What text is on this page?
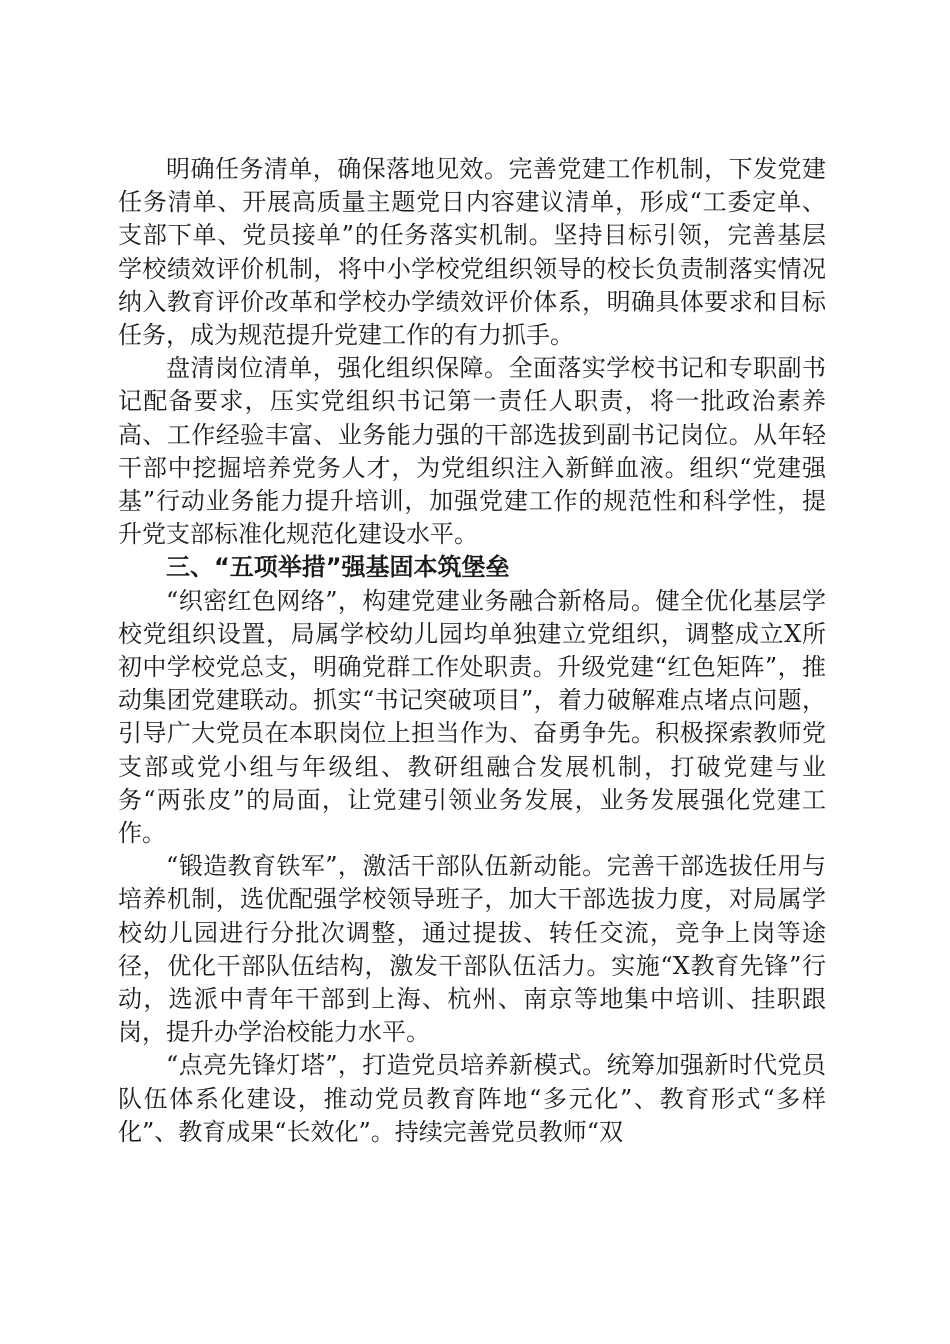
明确任务清单，确保落地见效。完善党建工作机制，下发党建任务清单、开展高质量主题党日内容建议清单，形成“工委定单、支部下单、党员接单”的任务落实机制。坚持目标引领，完善基层学校绩效评价机制，将中小学校党组织领导的校长负责制落实情况纳入教育评价改革和学校办学绩效评价体系，明确具体要求和目标任务，成为规范提升党建工作的有力抓手。

盘清岗位清单，强化组织保障。全面落实学校书记和专职副书记配备要求，压实党组织书记第一责任人职责，将一批政治素养高、工作经验丰富、业务能力强的干部选拔到副书记岗位。从年轻干部中挖掘培养党务人才，为党组织注入新鲜血液。组织“党建强基”行动业务能力提升培训，加强党建工作的规范性和科学性，提升党支部标准化规范化建设水平。

三、“五项举措”强基固本筑堡垒

“织密红色网络”，构建党建业务融合新格局。健全优化基层学校党组织设置，局属学校幼儿园均单独建立党组织，调整成立X所初中学校党总支，明确党群工作处职责。升级党建“红色矩阵”，推动集团党建联动。抓实“书记突破项目”，着力破解难点堵点问题，引导广大党员在本职岗位上担当作为、奋勇争先。积极探索教师党支部或党小组与年级组、教研组融合发展机制，打破党建与业务“两张皮”的局面，让党建引领业务发展，业务发展强化党建工作。

“锻造教育铁军”，激活干部队伍新动能。完善干部选拔任用与培养机制，选优配强学校领导班子，加大干部选拔力度，对局属学校幼儿园进行分批次调整，通过提拔、转任交流，竞争上岗等途径，优化干部队伍结构，激发干部队伍活力。实施“X教育先锋”行动，选派中青年干部到上海、杭州、南京等地集中培训、挂职跟岗，提升办学治校能力水平。

“点亮先锋灯塔”，打造党员培养新模式。统筹加强新时代党员队伍体系化建设，推动党员教育阵地“多元化”、教育形式“多样化”、教育成果“长效化”。持续完善党员教师“双
